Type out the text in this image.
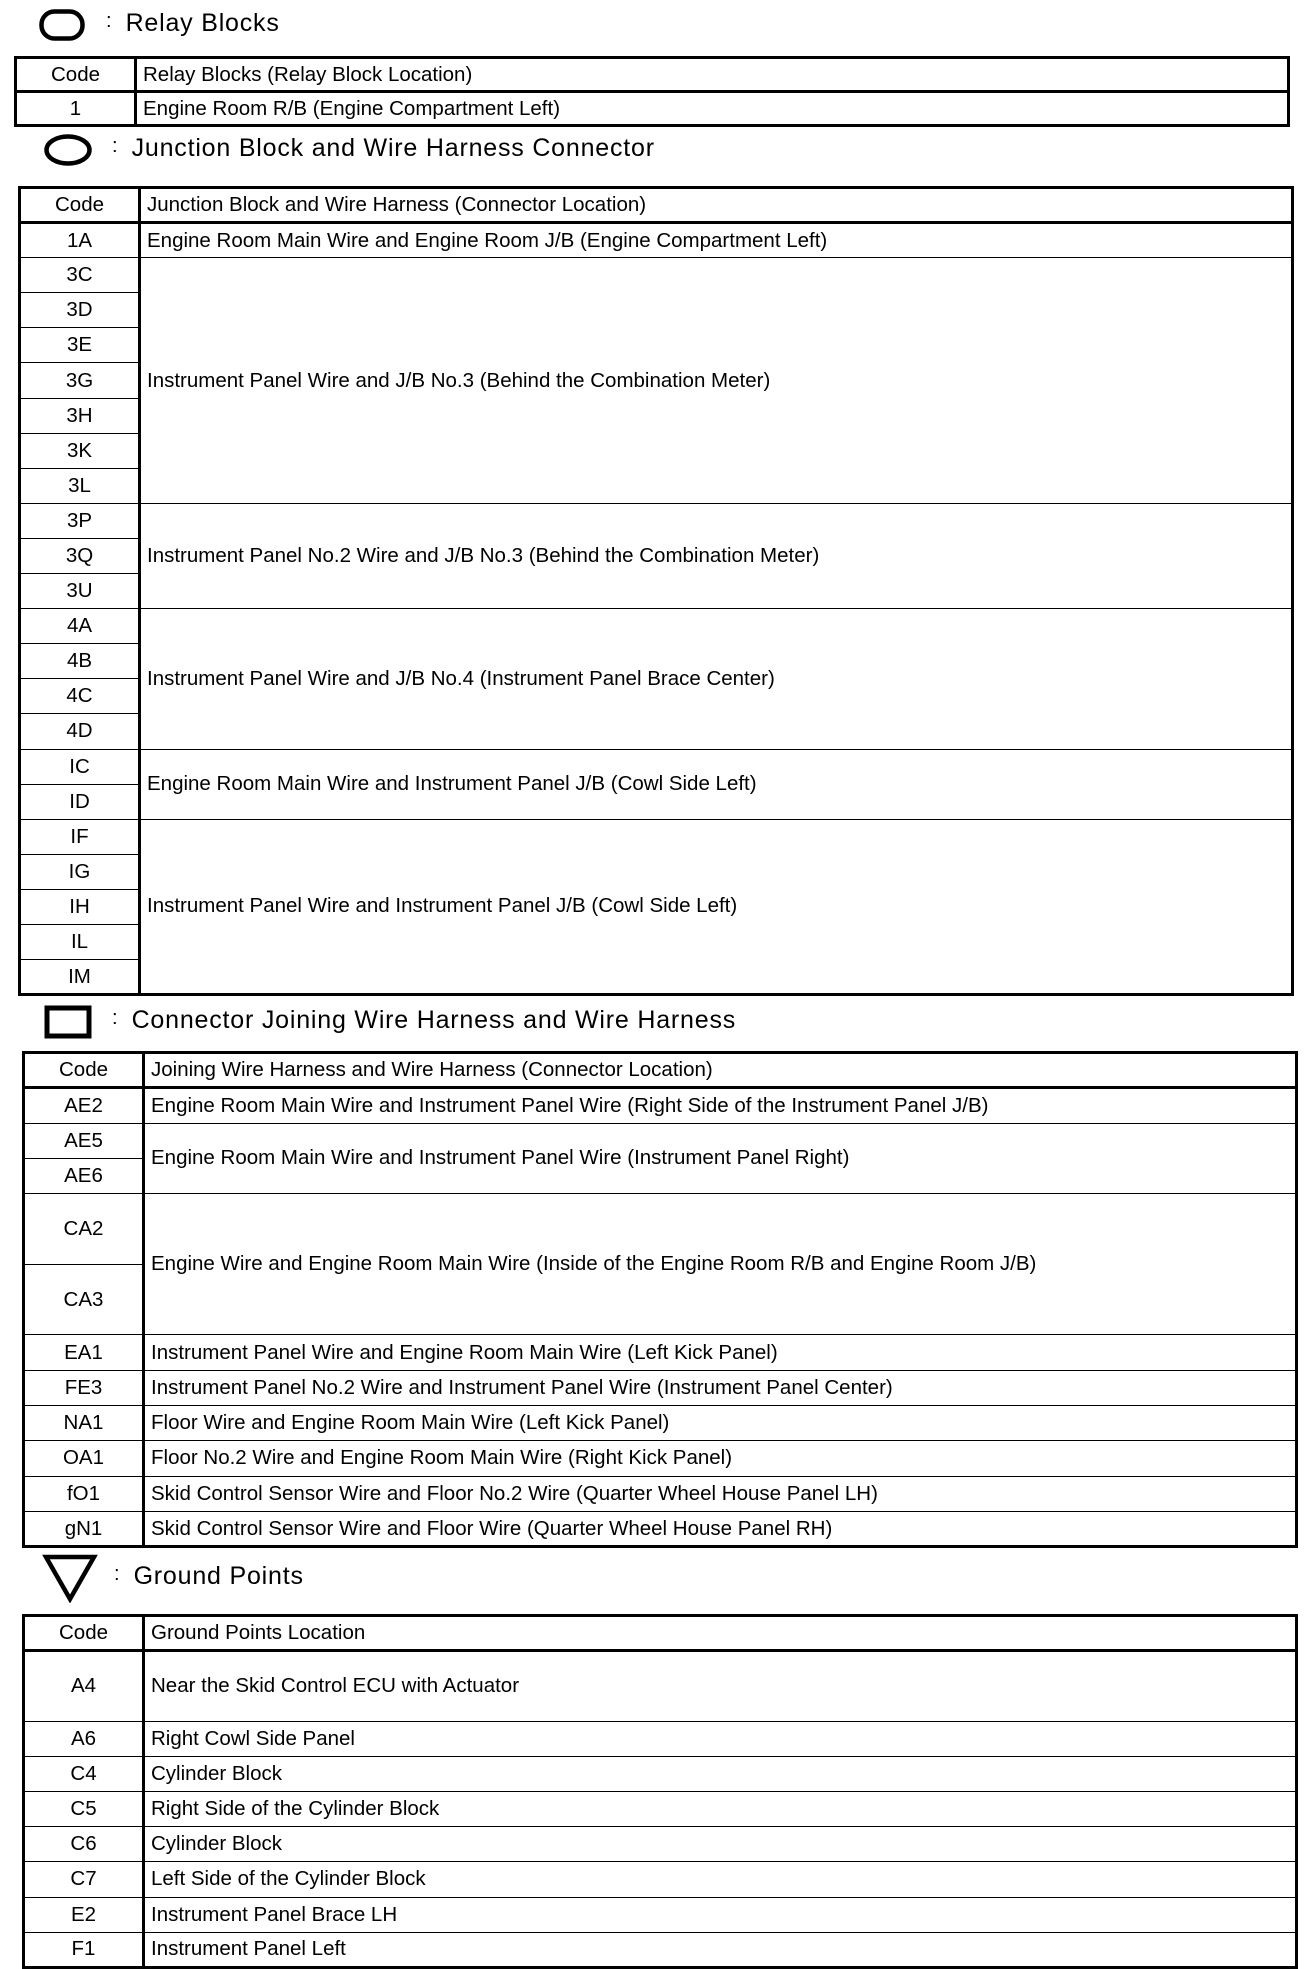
: Relay Blocks
Code	Relay Blocks (Relay Block Location)
1	Engine Room R/B (Engine Compartment Left)
: Junction Block and Wire Harness Connector
Code	Junction Block and Wire Harness (Connector Location)
1A	Engine Room Main Wire and Engine Room J/B (Engine Compartment Left)
3C	Instrument Panel Wire and J/B No.3 (Behind the Combination Meter)
3D	
3E	
3G	
3H	
3K	
3L	
3P	Instrument Panel No.2 Wire and J/B No.3 (Behind the Combination Meter)
3Q	
3U	
4A	Instrument Panel Wire and J/B No.4 (Instrument Panel Brace Center)
4B	
4C	
4D	
IC	Engine Room Main Wire and Instrument Panel J/B (Cowl Side Left)
ID	
IF	Instrument Panel Wire and Instrument Panel J/B (Cowl Side Left)
IG	
IH	
IL	
IM	
: Connector Joining Wire Harness and Wire Harness
Code	Joining Wire Harness and Wire Harness (Connector Location)
AE2	Engine Room Main Wire and Instrument Panel Wire (Right Side of the Instrument Panel J/B)
AE5	Engine Room Main Wire and Instrument Panel Wire (Instrument Panel Right)
AE6	
CA2	Engine Wire and Engine Room Main Wire (Inside of the Engine Room R/B and Engine Room J/B)
CA3	
EA1	Instrument Panel Wire and Engine Room Main Wire (Left Kick Panel)
FE3	Instrument Panel No.2 Wire and Instrument Panel Wire (Instrument Panel Center)
NA1	Floor Wire and Engine Room Main Wire (Left Kick Panel)
OA1	Floor No.2 Wire and Engine Room Main Wire (Right Kick Panel)
fO1	Skid Control Sensor Wire and Floor No.2 Wire (Quarter Wheel House Panel LH)
gN1	Skid Control Sensor Wire and Floor Wire (Quarter Wheel House Panel RH)
: Ground Points
Code	Ground Points Location
A4	Near the Skid Control ECU with Actuator
A6	Right Cowl Side Panel
C4	Cylinder Block
C5	Right Side of the Cylinder Block
C6	Cylinder Block
C7	Left Side of the Cylinder Block
E2	Instrument Panel Brace LH
F1	Instrument Panel Left
